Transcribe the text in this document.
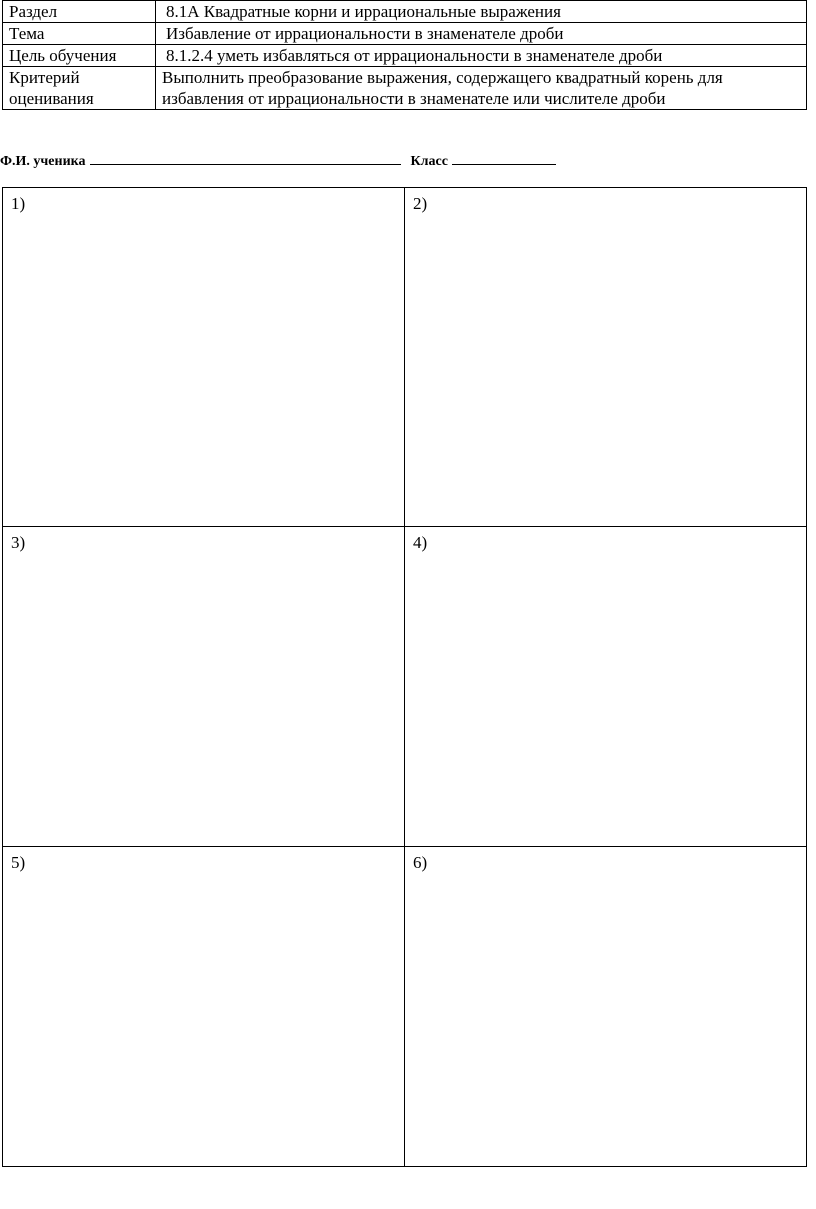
Раздел	8.1А Квадратные корни и иррациональные выражения
Тема	Избавление от иррациональности в знаменателе дроби
Цель обучения	8.1.2.4 уметь избавляться от иррациональности в знаменателе дроби
Критерий оценивания	Выполнить преобразование выражения, содержащего квадратный корень для избавления от иррациональности в знаменателе или числителе дроби
Ф.И. ученика	Класс
1)	2)
3)	4)
5)	6)
